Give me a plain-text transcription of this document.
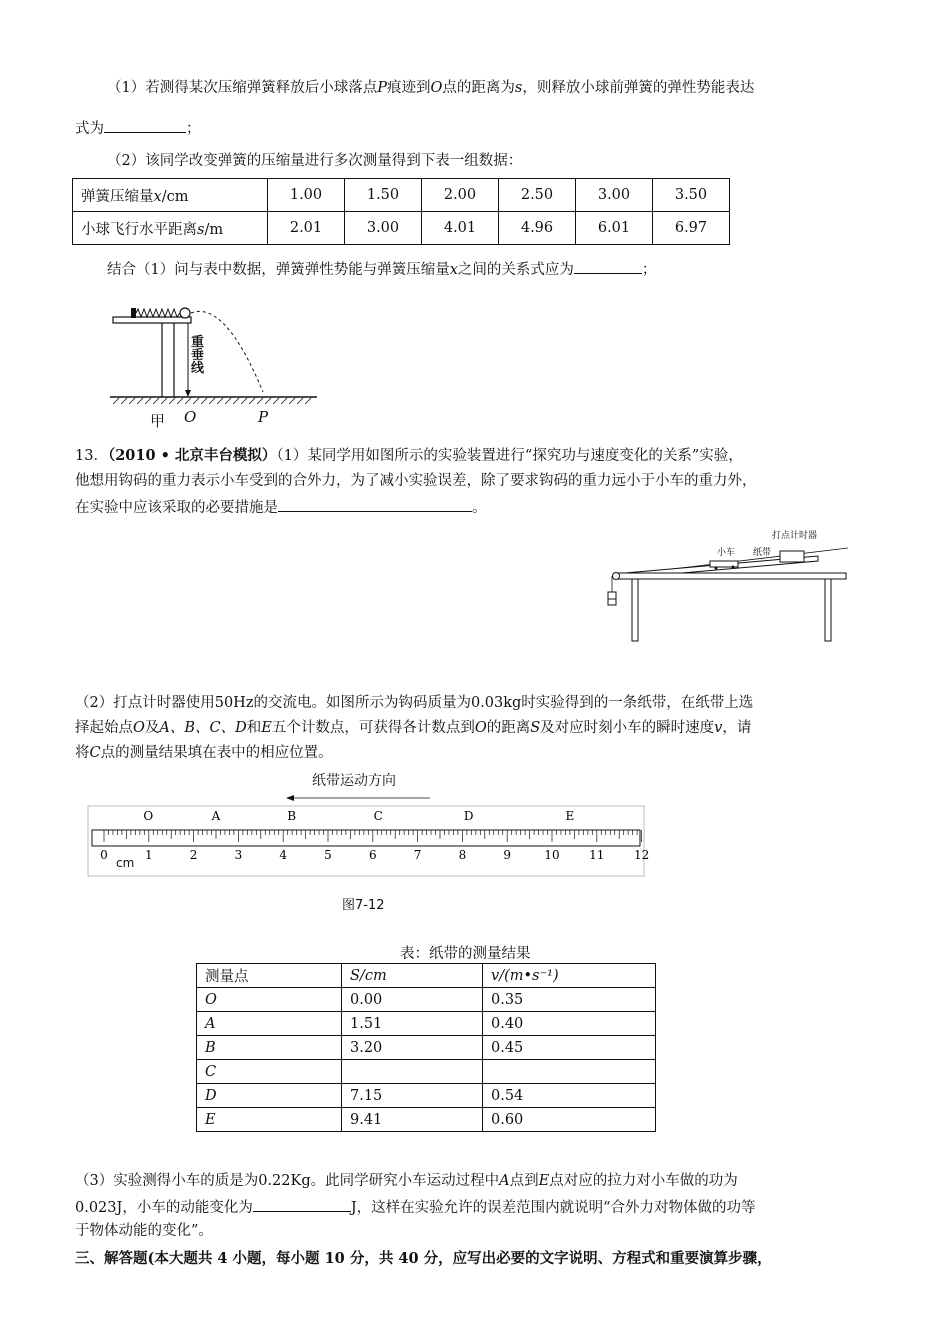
（1）若测得某次压缩弹簧释放后小球落点P痕迹到O点的距离为s，则释放小球前弹簧的弹性势能表达
式为	；
（2）该同学改变弹簧的压缩量进行多次测量得到下表一组数据：
弹簧压缩量x/cm	1.00	1.50	2.00	2.50	3.00	3.50
小球飞行水平距离s/m	2.01	3.00	4.01	4.96	6.01	6.97
结合（1）问与表中数据，弹簧弹性势能与弹簧压缩量x之间的关系式应为	；
重垂线
甲 O	P
13．（2010 • 北京丰台模拟）（1）某同学用如图所示的实验装置进行“探究功与速度变化的关系”实验，
他想用钩码的重力表示小车受到的合外力，为了减小实验误差，除了要求钩码的重力远小于小车的重力外，
在实验中应该采取的必要措施是	。
打点计时器
小车 纸带
（2）打点计时器使用50Hz的交流电。如图所示为钩码质量为0.03kg时实验得到的一条纸带，在纸带上选
择起始点O及A、B、C、D和E五个计数点，可获得各计数点到O的距离S及对应时刻小车的瞬时速度v，请
将C点的测量结果填在表中的相应位置。
纸带运动方向
0	1	2	3	4	5	6	7	8	9	10 11 12
O	A	B	C	D	E
cm
图7-12
表：纸带的测量结果
测量点	S/cm	v/(m•s⁻¹)
O	0.00	0.35
A	1.51	0.40
B	3.20	0.45
C		
D	7.15	0.54
E	9.41	0.60
（3）实验测得小车的质是为0.22Kg。此同学研究小车运动过程中A点到E点对应的拉力对小车做的功为
0.023J，小车的动能变化为	J，这样在实验允许的误差范围内就说明“合外力对物体做的功等
于物体动能的变化”。
三、解答题(本大题共 4 小题，每小题 10 分，共 40 分，应写出必要的文字说明、方程式和重要演算步骤，
